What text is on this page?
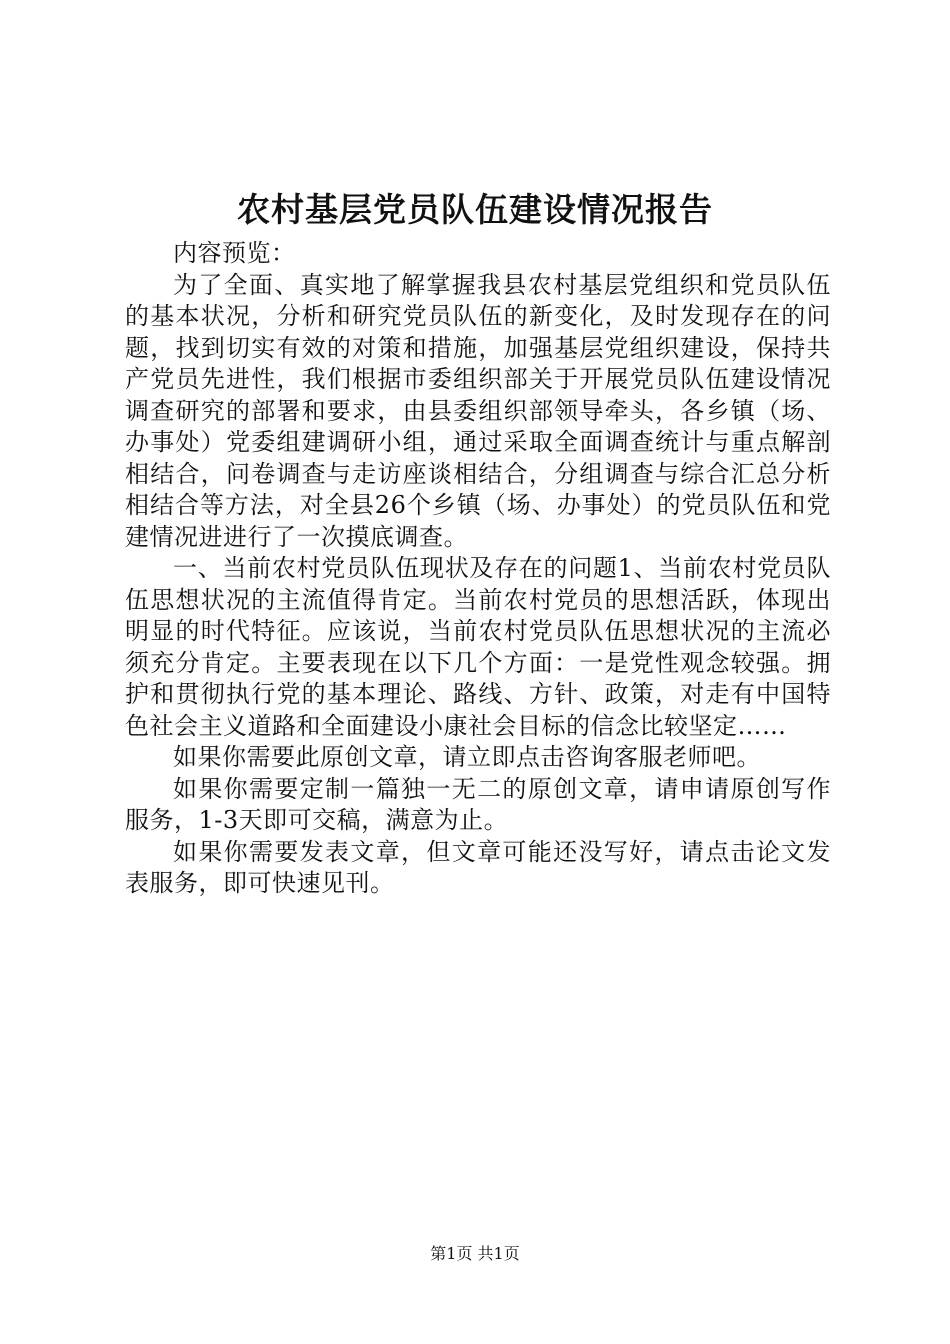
农村基层党员队伍建设情况报告

内容预览：

为了全面、真实地了解掌握我县农村基层党组织和党员队伍的基本状况，分析和研究党员队伍的新变化，及时发现存在的问题，找到切实有效的对策和措施，加强基层党组织建设，保持共产党员先进性，我们根据市委组织部关于开展党员队伍建设情况调查研究的部署和要求，由县委组织部领导牵头，各乡镇（场、办事处）党委组建调研小组，通过采取全面调查统计与重点解剖相结合，问卷调查与走访座谈相结合，分组调查与综合汇总分析相结合等方法，对全县26个乡镇（场、办事处）的党员队伍和党建情况进进行了一次摸底调查。

一、当前农村党员队伍现状及存在的问题1、当前农村党员队伍思想状况的主流值得肯定。当前农村党员的思想活跃，体现出明显的时代特征。应该说，当前农村党员队伍思想状况的主流必须充分肯定。主要表现在以下几个方面：一是党性观念较强。拥护和贯彻执行党的基本理论、路线、方针、政策，对走有中国特色社会主义道路和全面建设小康社会目标的信念比较坚定……

如果你需要此原创文章，请立即点击咨询客服老师吧。

如果你需要定制一篇独一无二的原创文章，请申请原创写作服务，1-3天即可交稿，满意为止。

如果你需要发表文章，但文章可能还没写好，请点击论文发表服务，即可快速见刊。

第1页 共1页
